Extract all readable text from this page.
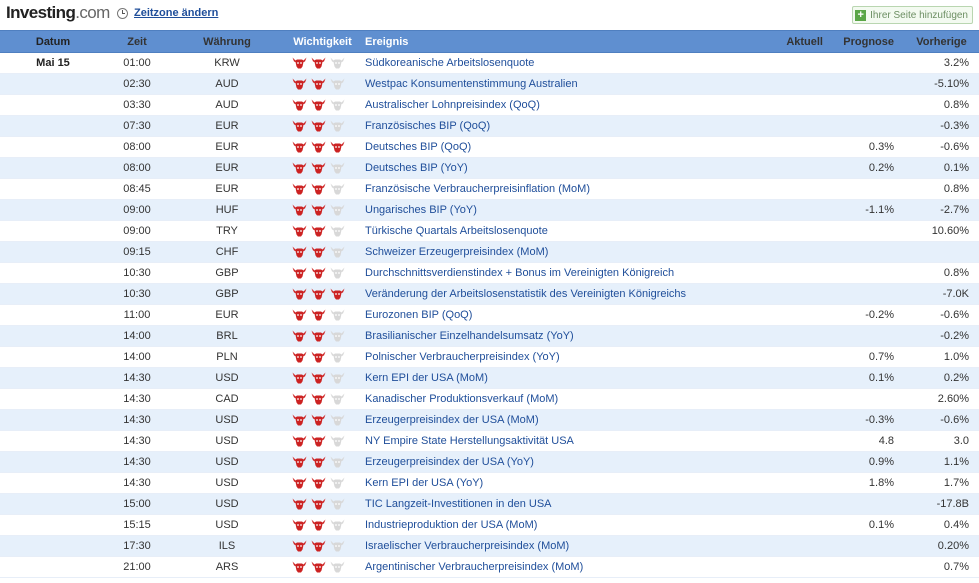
Investing.com Zeitzone ändern	+ Ihrer Seite hinzufügen
Datum	Zeit	Währung	Wichtigkeit	Ereignis	Aktuell	Prognose	Vorherige
Mai 15	01:00	KRW		Südkoreanische Arbeitslosenquote			3.2%
	02:30	AUD		Westpac Konsumentenstimmung Australien			-5.10%
	03:30	AUD		Australischer Lohnpreisindex (QoQ)			0.8%
	07:30	EUR		Französisches BIP (QoQ)			-0.3%
	08:00	EUR		Deutsches BIP (QoQ)		0.3%	-0.6%
	08:00	EUR		Deutsches BIP (YoY)		0.2%	0.1%
	08:45	EUR		Französische Verbraucherpreisinflation (MoM)			0.8%
	09:00	HUF		Ungarisches BIP (YoY)		-1.1%	-2.7%
	09:00	TRY		Türkische Quartals Arbeitslosenquote			10.60%
	09:15	CHF		Schweizer Erzeugerpreisindex (MoM)			
	10:30	GBP		Durchschnittsverdienstindex + Bonus im Vereinigten Königreich			0.8%
	10:30	GBP		Veränderung der Arbeitslosenstatistik des Vereinigten Königreichs			-7.0K
	11:00	EUR		Eurozonen BIP (QoQ)		-0.2%	-0.6%
	14:00	BRL		Brasilianischer Einzelhandelsumsatz (YoY)			-0.2%
	14:00	PLN		Polnischer Verbraucherpreisindex (YoY)		0.7%	1.0%
	14:30	USD		Kern EPI der USA (MoM)		0.1%	0.2%
	14:30	CAD		Kanadischer Produktionsverkauf (MoM)			2.60%
	14:30	USD		Erzeugerpreisindex der USA (MoM)		-0.3%	-0.6%
	14:30	USD		NY Empire State Herstellungsaktivität USA		4.8	3.0
	14:30	USD		Erzeugerpreisindex der USA (YoY)		0.9%	1.1%
	14:30	USD		Kern EPI der USA (YoY)		1.8%	1.7%
	15:00	USD		TIC Langzeit-Investitionen in den USA			-17.8B
	15:15	USD		Industrieproduktion der USA (MoM)		0.1%	0.4%
	17:30	ILS		Israelischer Verbraucherpreisindex (MoM)			0.20%
	21:00	ARS		Argentinischer Verbraucherpreisindex (MoM)			0.7%
